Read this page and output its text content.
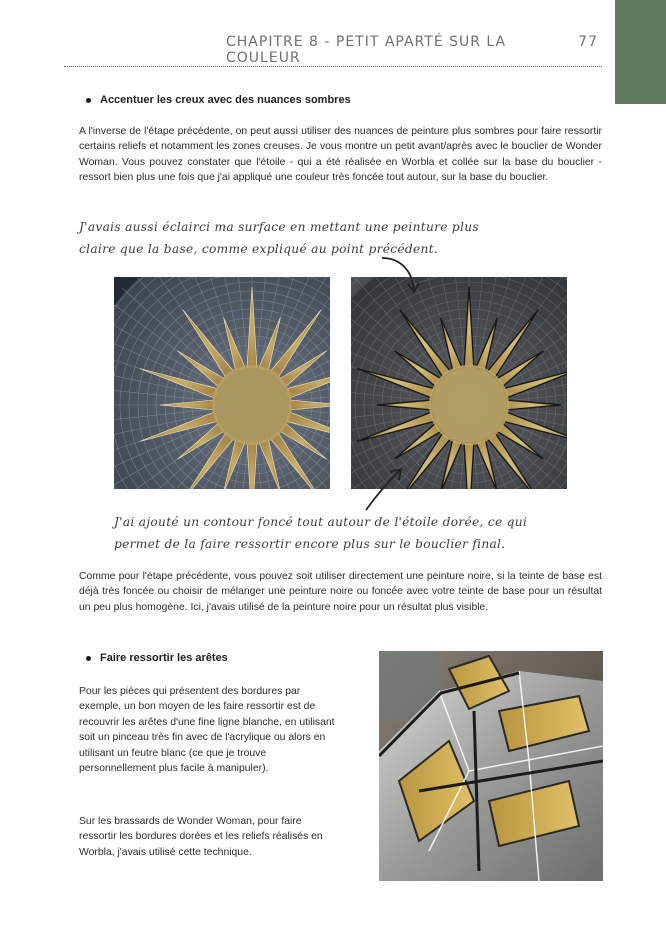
CHAPITRE 8 - PETIT APARTÉ SUR LA COULEUR
77
Accentuer les creux avec des nuances sombres
A l'inverse de l'étape précédente, on peut aussi utiliser des nuances de peinture plus sombres pour faire ressortir certains reliefs et notamment les zones creuses. Je vous montre un petit avant/après avec le bouclier de Wonder Woman. Vous pouvez constater que l'étoile - qui a été réalisée en Worbla et collée sur la base du bouclier - ressort bien plus une fois que j'ai appliqué une couleur très foncée tout autour, sur la base du bouclier.
J'avais aussi éclairci ma surface en mettant une peinture plus
claire que la base, comme expliqué au point précédent.
J'ai ajouté un contour foncé tout autour de l'étoile dorée, ce qui
permet de la faire ressortir encore plus sur le bouclier final.
Comme pour l'étape précédente, vous pouvez soit utiliser directement une peinture noire, si la teinte de base est déjà très foncée ou choisir de mélanger une peinture noire ou foncée avec votre teinte de base pour un résultat un peu plus homogène. Ici, j'avais utilisé de la peinture noire pour un résultat plus visible.
Faire ressortir les arêtes
Pour les pièces qui présentent des bordures par exemple, un bon moyen de les faire ressortir est de recouvrir les arêtes d'une fine ligne blanche, en utilisant soit un pinceau très fin avec de l'acrylique ou alors en utilisant un feutre blanc (ce que je trouve personnellement plus facile à manipuler).
Sur les brassards de Wonder Woman, pour faire ressortir les bordures dorées et les reliefs réalisés en Worbla, j'avais utilisé cette technique.
